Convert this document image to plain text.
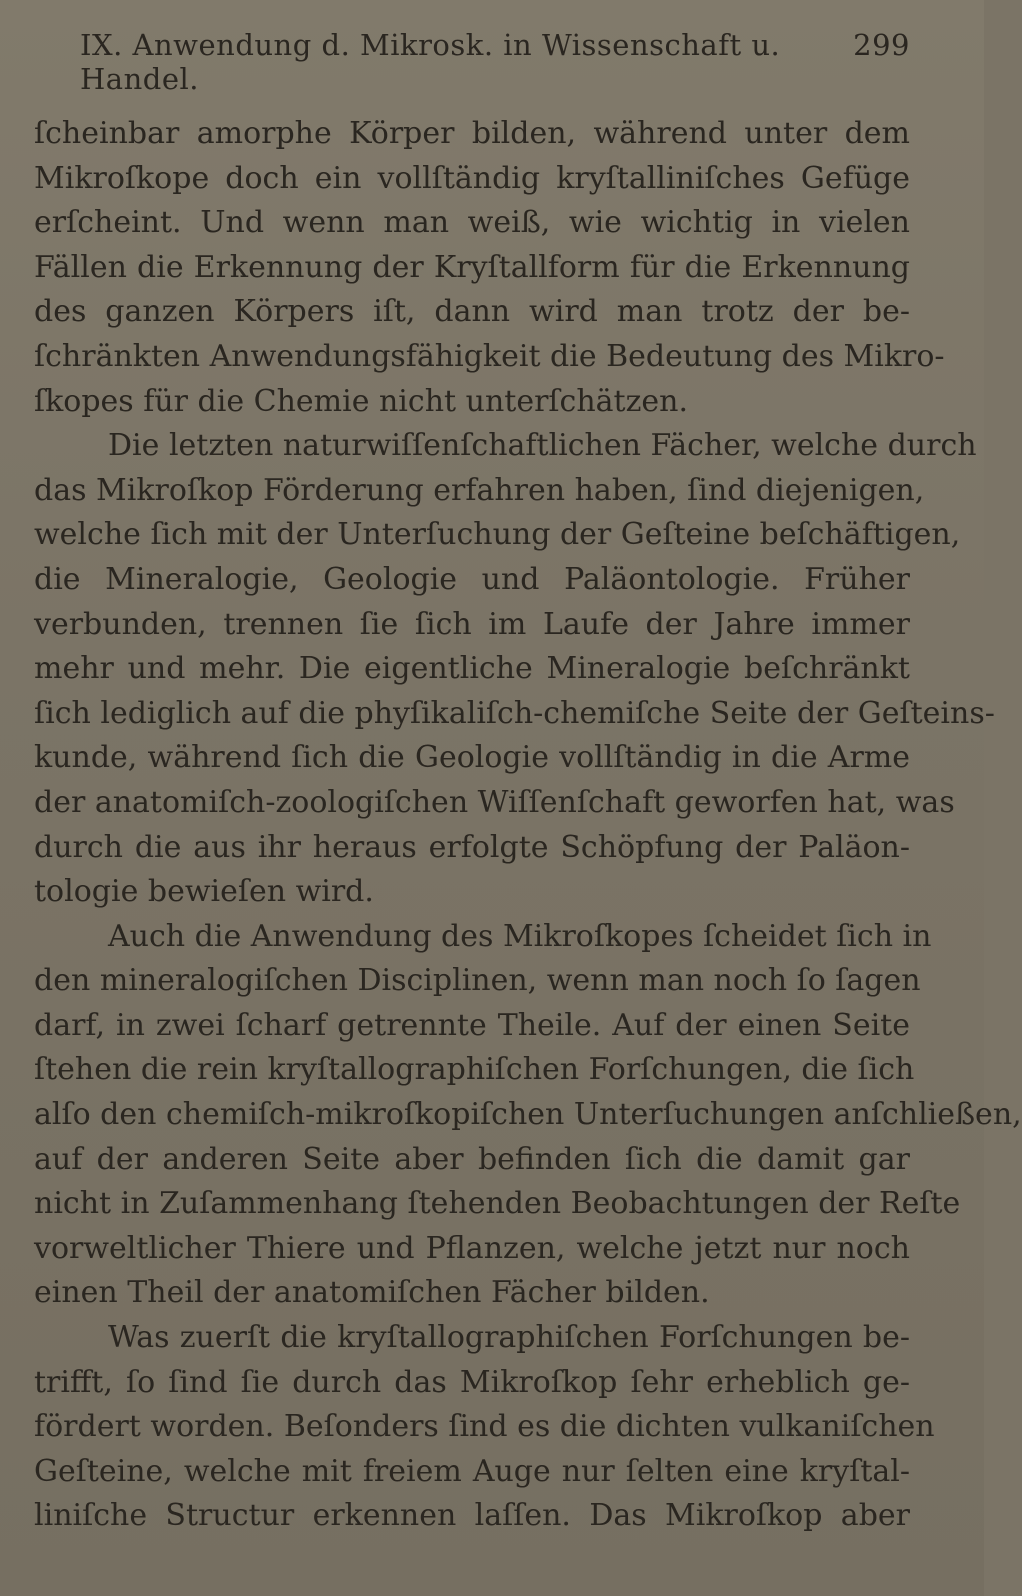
IX. Anwendung d. Mikrosk. in Wissenschaft u. Handel.
299
ſcheinbar amorphe Körper bilden, während unter dem
Mikroſkope doch ein vollſtändig kryſtalliniſches Gefüge
erſcheint. Und wenn man weiß, wie wichtig in vielen
Fällen die Erkennung der Kryſtallform für die Erkennung
des ganzen Körpers iſt, dann wird man trotz der be-
ſchränkten Anwendungsfähigkeit die Bedeutung des Mikro-
ſkopes für die Chemie nicht unterſchätzen.
Die letzten naturwiſſenſchaftlichen Fächer, welche durch
das Mikroſkop Förderung erfahren haben, ſind diejenigen,
welche ſich mit der Unterſuchung der Geſteine beſchäftigen,
die Mineralogie, Geologie und Paläontologie. Früher
verbunden, trennen ſie ſich im Laufe der Jahre immer
mehr und mehr. Die eigentliche Mineralogie beſchränkt
ſich lediglich auf die phyſikaliſch-chemiſche Seite der Geſteins-
kunde, während ſich die Geologie vollſtändig in die Arme
der anatomiſch-zoologiſchen Wiſſenſchaft geworfen hat, was
durch die aus ihr heraus erfolgte Schöpfung der Paläon-
tologie bewieſen wird.
Auch die Anwendung des Mikroſkopes ſcheidet ſich in
den mineralogiſchen Disciplinen, wenn man noch ſo ſagen
darf, in zwei ſcharf getrennte Theile. Auf der einen Seite
ſtehen die rein kryſtallographiſchen Forſchungen, die ſich
alſo den chemiſch-mikroſkopiſchen Unterſuchungen anſchließen,
auf der anderen Seite aber befinden ſich die damit gar
nicht in Zuſammenhang ſtehenden Beobachtungen der Reſte
vorweltlicher Thiere und Pflanzen, welche jetzt nur noch
einen Theil der anatomiſchen Fächer bilden.
Was zuerſt die kryſtallographiſchen Forſchungen be-
trifft, ſo ſind ſie durch das Mikroſkop ſehr erheblich ge-
fördert worden. Beſonders ſind es die dichten vulkaniſchen
Geſteine, welche mit freiem Auge nur ſelten eine kryſtal-
liniſche Structur erkennen laſſen. Das Mikroſkop aber
